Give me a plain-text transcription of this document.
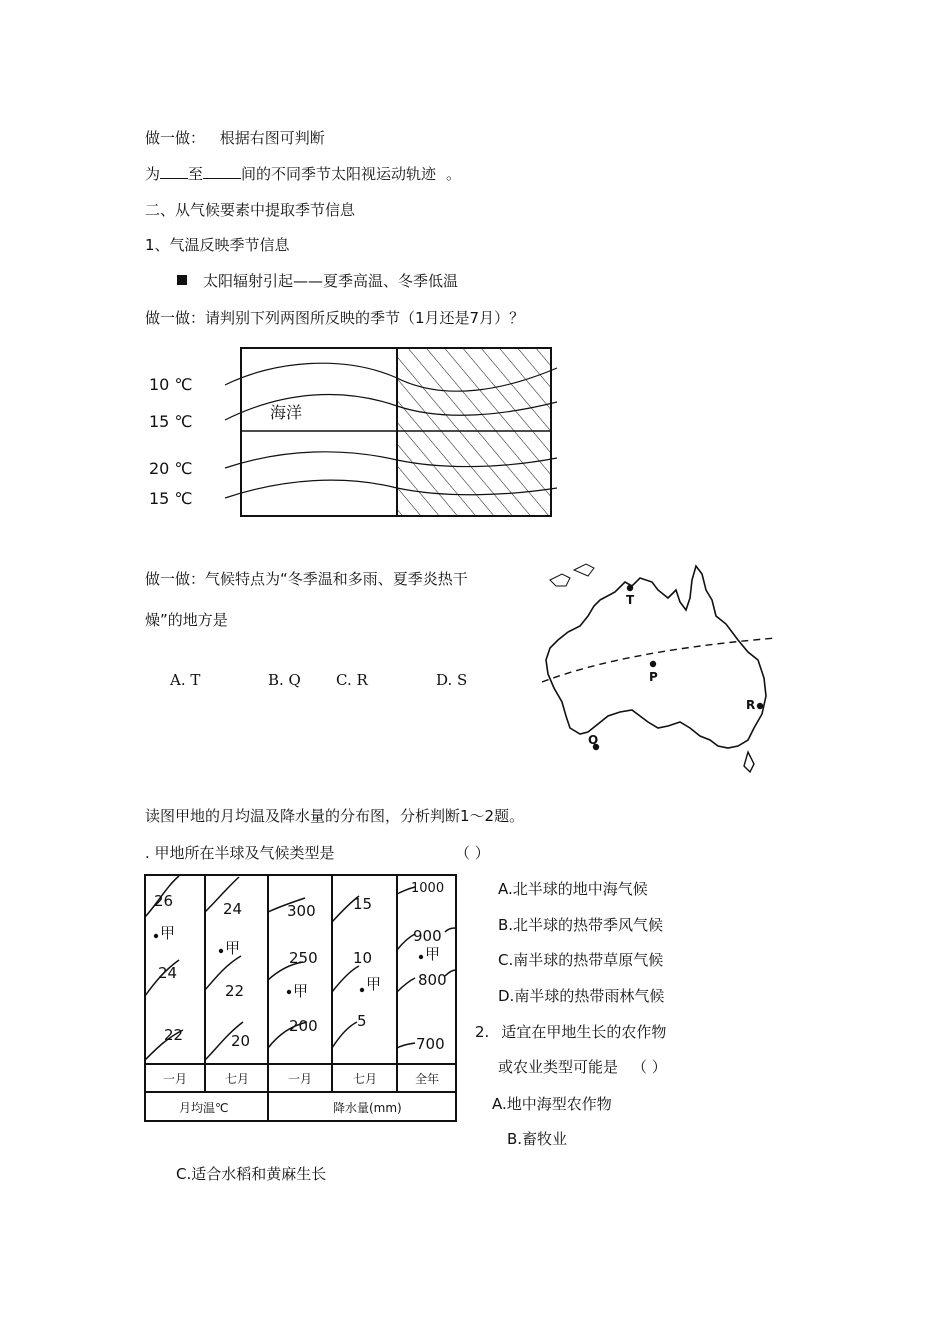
做一做： 根据右图可判断
为 至	间的不同季节太阳视运动轨迹 。
二、从气候要素中提取季节信息
1、气温反映季节信息
太阳辐射引起——夏季高温、冬季低温
做一做：请判别下列两图所反映的季节（1月还是7月）？
10 ℃
15 ℃
20 ℃
15 ℃
海洋
做一做：气候特点为“冬季温和多雨、夏季炎热干
燥”的地方是
A. T	B. Q C. R	D. S
T
P
R
Q
读图甲地的月均温及降水量的分布图，分析判断1～2题。
. 甲地所在半球及气候类型是	（ ）
26
24
22
甲
24
22
20
甲
300
250
200
甲
15
10
5
甲
1000
900
800
700
甲
一月	七月	一月	七月	全年
月均温℃	降水量(mm)
A.北半球的地中海气候
B.北半球的热带季风气候
C.南半球的热带草原气候
D.南半球的热带雨林气候
2. 适宜在甲地生长的农作物
或农业类型可能是 （ ）
A.地中海型农作物
B.畜牧业
C.适合水稻和黄麻生长
